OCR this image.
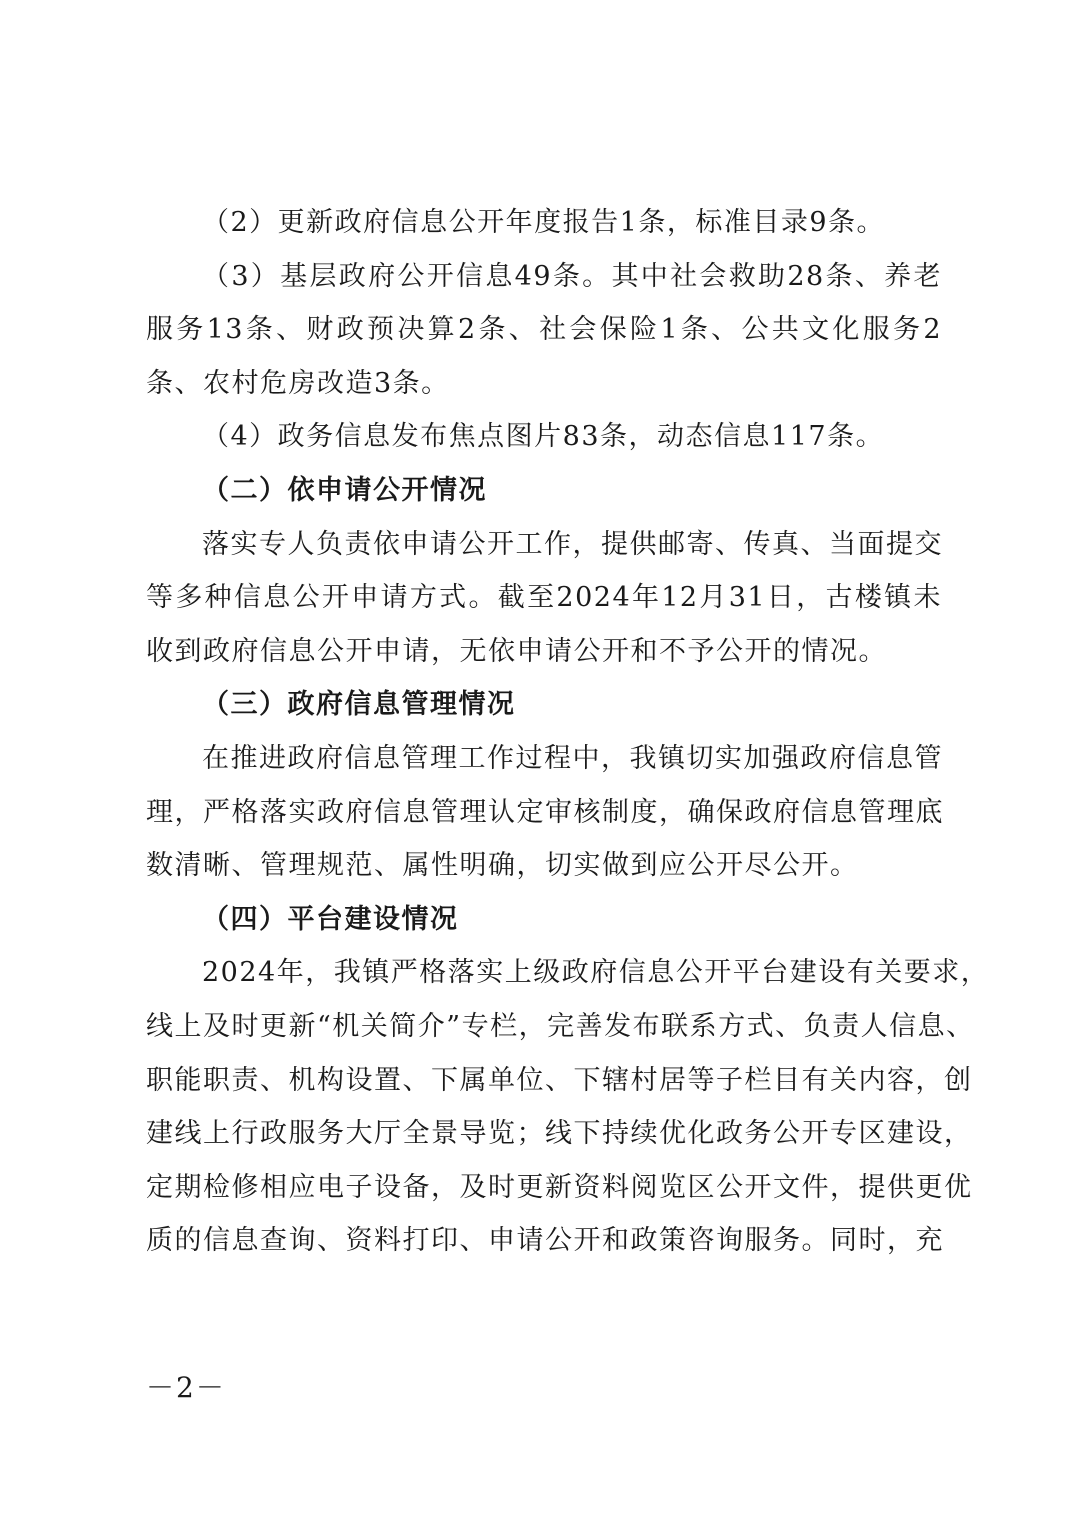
（2）更新政府信息公开年度报告1条，标准目录9条。
（3）基层政府公开信息49条。其中社会救助28条、养老
服务13条、财政预决算2条、社会保险1条、公共文化服务2
条、农村危房改造3条。
（4）政务信息发布焦点图片83条，动态信息117条。
（二）依申请公开情况
落实专人负责依申请公开工作，提供邮寄、传真、当面提交
等多种信息公开申请方式。截至2024年12月31日，古楼镇未
收到政府信息公开申请，无依申请公开和不予公开的情况。
（三）政府信息管理情况
在推进政府信息管理工作过程中，我镇切实加强政府信息管
理，严格落实政府信息管理认定审核制度，确保政府信息管理底
数清晰、管理规范、属性明确，切实做到应公开尽公开。
（四）平台建设情况
2024年，我镇严格落实上级政府信息公开平台建设有关要求，
线上及时更新“机关简介”专栏，完善发布联系方式、负责人信息、
职能职责、机构设置、下属单位、下辖村居等子栏目有关内容，创
建线上行政服务大厅全景导览；线下持续优化政务公开专区建设，
定期检修相应电子设备，及时更新资料阅览区公开文件，提供更优
质的信息查询、资料打印、申请公开和政策咨询服务。同时，充
－2－
